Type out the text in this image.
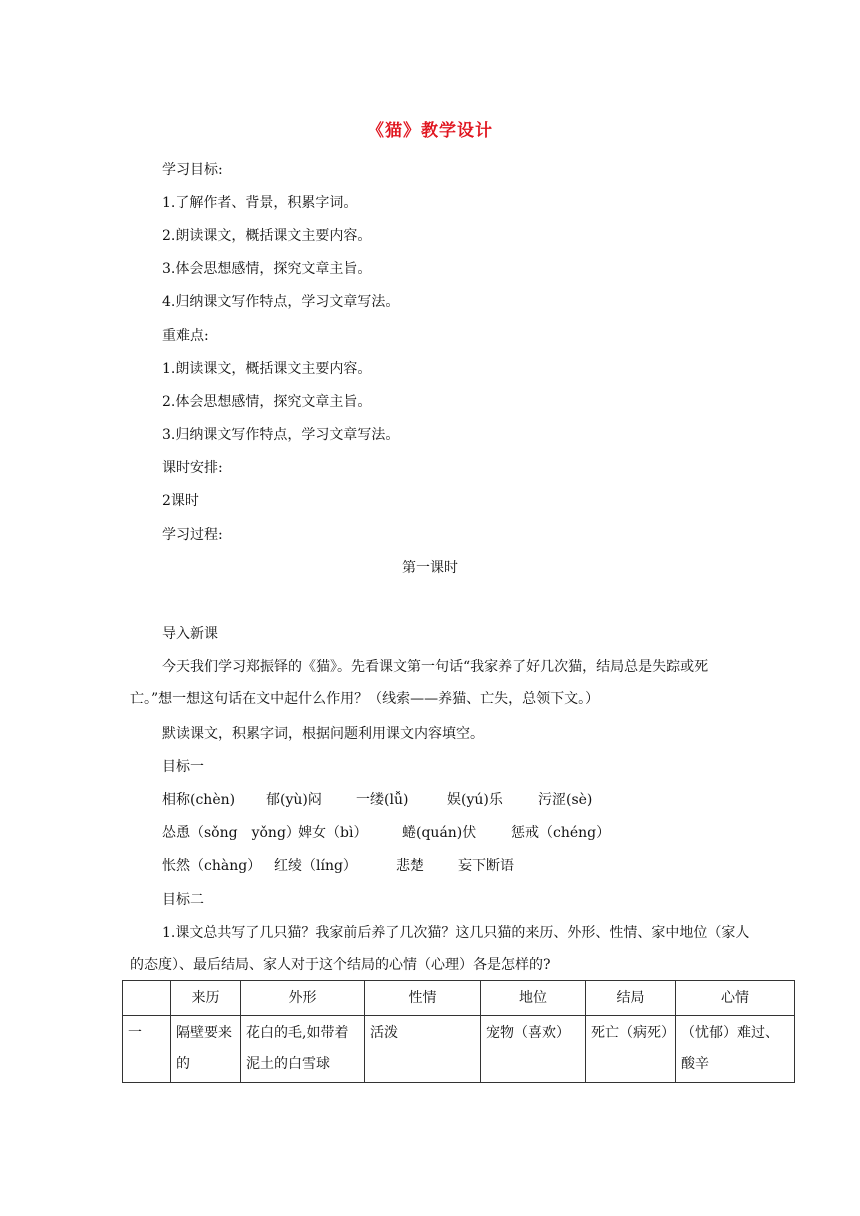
《猫》教学设计
学习目标:
1.了解作者、背景，积累字词。
2.朗读课文，概括课文主要内容。
3.体会思想感情，探究文章主旨。
4.归纳课文写作特点，学习文章写法。
重难点:
1.朗读课文，概括课文主要内容。
2.体会思想感情，探究文章主旨。
3.归纳课文写作特点，学习文章写法。
课时安排:
2课时
学习过程:
第一课时
导入新课
今天我们学习郑振铎的《猫》。先看课文第一句话“我家养了好几次猫，结局总是失踪或死亡。”想一想这句话在文中起什么作用？（线索——养猫、亡失，总领下文。）
默读课文，积累字词，根据问题利用课文内容填空。
目标一
相称(chèn) 郁(yù)闷 一缕(lǚ)	娱(yú)乐	污涩(sè)
怂恿（sǒng　yǒng）婢女（bì） 蜷(quán)伏 惩戒（chéng）
怅然（chàng） 红绫（líng）	悲楚 妄下断语
目标二
1.课文总共写了几只猫？我家前后养了几次猫？这几只猫的来历、外形、性情、家中地位（家人的态度）、最后结局、家人对于这个结局的心情（心理）各是怎样的?
	来历	外形	性情	地位	结局	心情
一	隔壁要来的	花白的毛,如带着泥土的白雪球	活泼	宠物（喜欢）	死亡（病死）	（忧郁）难过、酸辛
